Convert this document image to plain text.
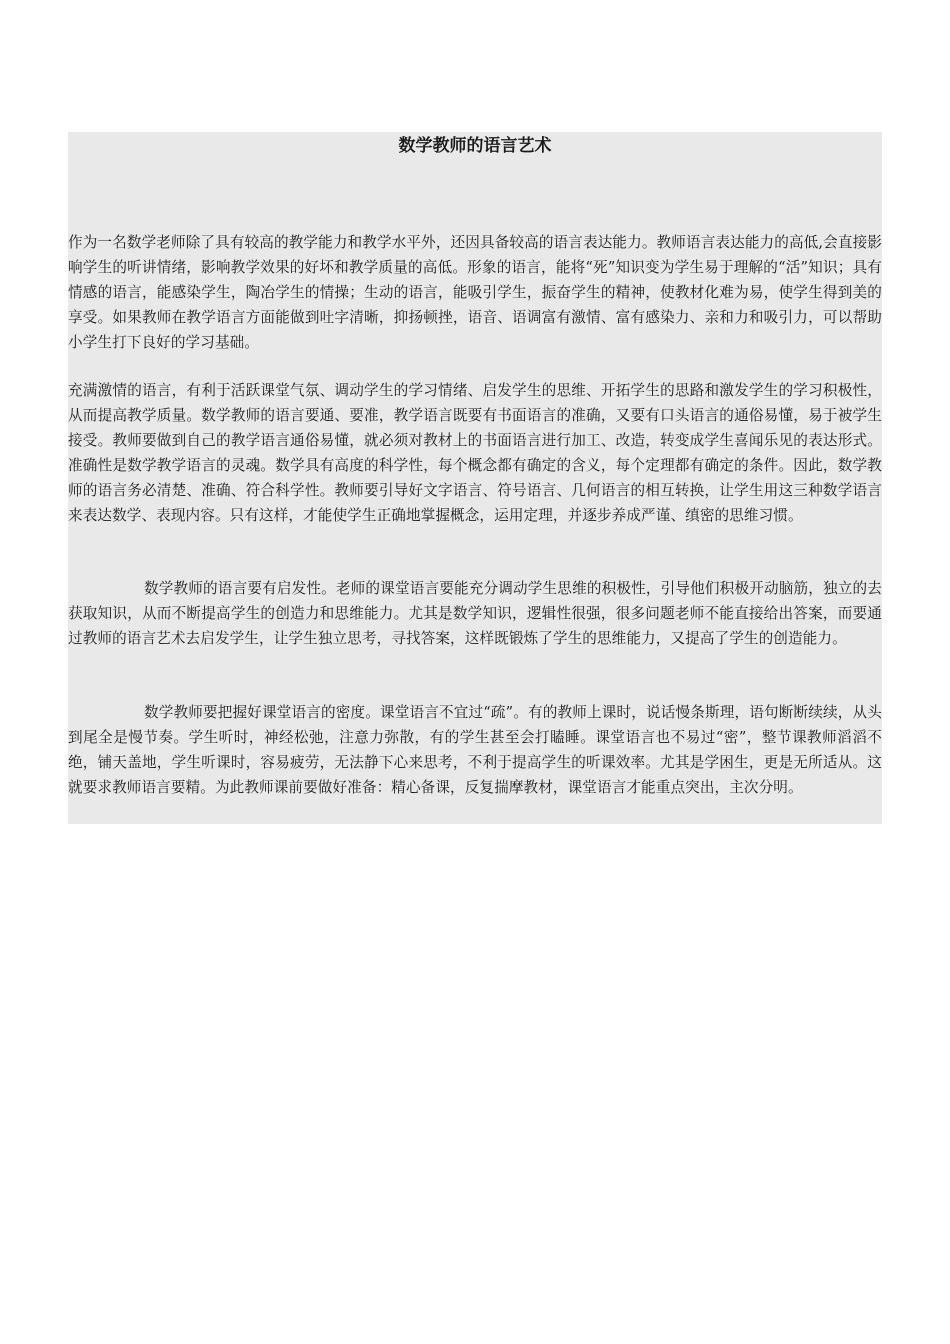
数学教师的语言艺术

作为一名数学老师除了具有较高的教学能力和教学水平外，还因具备较高的语言表达能力。教师语言表达能力的高低,会直接影响学生的听讲情绪，影响教学效果的好坏和教学质量的高低。形象的语言，能将“死”知识变为学生易于理解的“活”知识；具有情感的语言，能感染学生，陶冶学生的情操；生动的语言，能吸引学生，振奋学生的精神，使教材化难为易，使学生得到美的享受。如果教师在教学语言方面能做到吐字清晰，抑扬顿挫，语音、语调富有激情、富有感染力、亲和力和吸引力，可以帮助小学生打下良好的学习基础。

充满激情的语言，有利于活跃课堂气氛、调动学生的学习情绪、启发学生的思维、开拓学生的思路和激发学生的学习积极性，从而提高教学质量。数学教师的语言要通、要准，教学语言既要有书面语言的准确，又要有口头语言的通俗易懂，易于被学生接受。教师要做到自己的教学语言通俗易懂，就必须对教材上的书面语言进行加工、改造，转变成学生喜闻乐见的表达形式。准确性是数学教学语言的灵魂。数学具有高度的科学性，每个概念都有确定的含义，每个定理都有确定的条件。因此，数学教师的语言务必清楚、准确、符合科学性。教师要引导好文字语言、符号语言、几何语言的相互转换，让学生用这三种数学语言来表达数学、表现内容。只有这样，才能使学生正确地掌握概念，运用定理，并逐步养成严谨、缜密的思维习惯。

数学教师的语言要有启发性。老师的课堂语言要能充分调动学生思维的积极性，引导他们积极开动脑筋，独立的去获取知识，从而不断提高学生的创造力和思维能力。尤其是数学知识，逻辑性很强，很多问题老师不能直接给出答案，而要通过教师的语言艺术去启发学生，让学生独立思考，寻找答案，这样既锻炼了学生的思维能力，又提高了学生的创造能力。

数学教师要把握好课堂语言的密度。课堂语言不宜过“疏”。有的教师上课时，说话慢条斯理，语句断断续续，从头到尾全是慢节奏。学生听时，神经松弛，注意力弥散，有的学生甚至会打瞌睡。课堂语言也不易过“密”，整节课教师滔滔不绝，铺天盖地，学生听课时，容易疲劳，无法静下心来思考，不利于提高学生的听课效率。尤其是学困生，更是无所适从。这就要求教师语言要精。为此教师课前要做好准备：精心备课，反复揣摩教材，课堂语言才能重点突出，主次分明。
